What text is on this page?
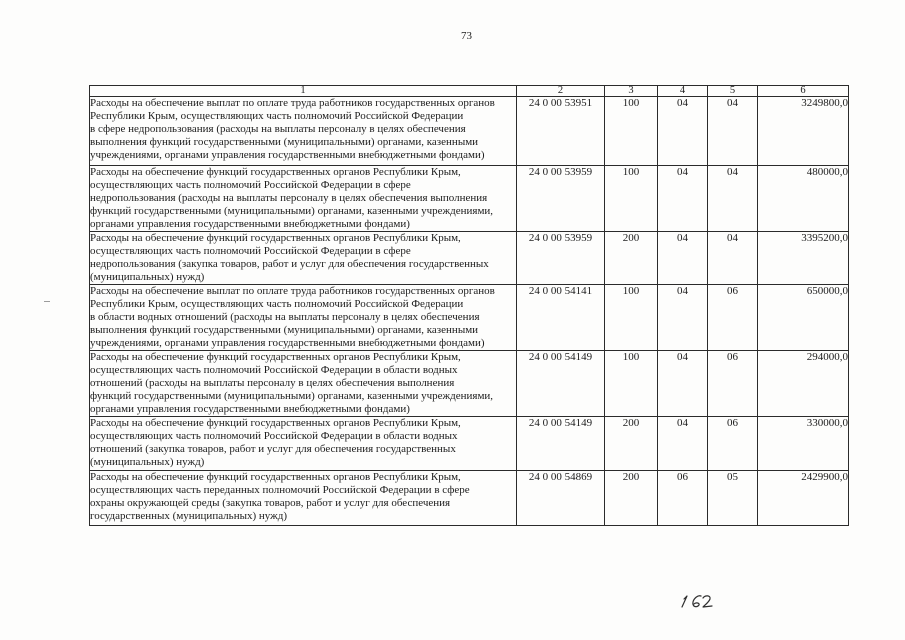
73
1	2	3	4	5	6

Расходы на обеспечение выплат по оплате труда работников государственных органов
Республики Крым, осуществляющих часть полномочий Российской Федерации
в сфере недропользования (расходы на выплаты персоналу в целях обеспечения
выполнения функций государственными (муниципальными) органами, казенными
учреждениями, органами управления государственными внебюджетными фондами)	24 0 00 53951	100	04	04	3249800,0

Расходы на обеспечение функций государственных органов Республики Крым,
осуществляющих часть полномочий Российской Федерации в сфере
недропользования (расходы на выплаты персоналу в целях обеспечения выполнения
функций государственными (муниципальными) органами, казенными учреждениями,
органами управления государственными внебюджетными фондами)	24 0 00 53959	100	04	04	480000,0

Расходы на обеспечение функций государственных органов Республики Крым,
осуществляющих часть полномочий Российской Федерации в сфере
недропользования (закупка товаров, работ и услуг для обеспечения государственных
(муниципальных) нужд)	24 0 00 53959	200	04	04	3395200,0

Расходы на обеспечение выплат по оплате труда работников государственных органов
Республики Крым, осуществляющих часть полномочий Российской Федерации
в области водных отношений (расходы на выплаты персоналу в целях обеспечения
выполнения функций государственными (муниципальными) органами, казенными
учреждениями, органами управления государственными внебюджетными фондами)	24 0 00 54141	100	04	06	650000,0

Расходы на обеспечение функций государственных органов Республики Крым,
осуществляющих часть полномочий Российской Федерации в области водных
отношений (расходы на выплаты персоналу в целях обеспечения выполнения
функций государственными (муниципальными) органами, казенными учреждениями,
органами управления государственными внебюджетными фондами)	24 0 00 54149	100	04	06	294000,0

Расходы на обеспечение функций государственных органов Республики Крым,
осуществляющих часть полномочий Российской Федерации в области водных
отношений (закупка товаров, работ и услуг для обеспечения государственных
(муниципальных) нужд)	24 0 00 54149	200	04	06	330000,0

Расходы на обеспечение функций государственных органов Республики Крым,
осуществляющих часть переданных полномочий Российской Федерации в сфере
охраны окружающей среды (закупка товаров, работ и услуг для обеспечения
государственных (муниципальных) нужд)	24 0 00 54869	200	06	05	2429900,0
